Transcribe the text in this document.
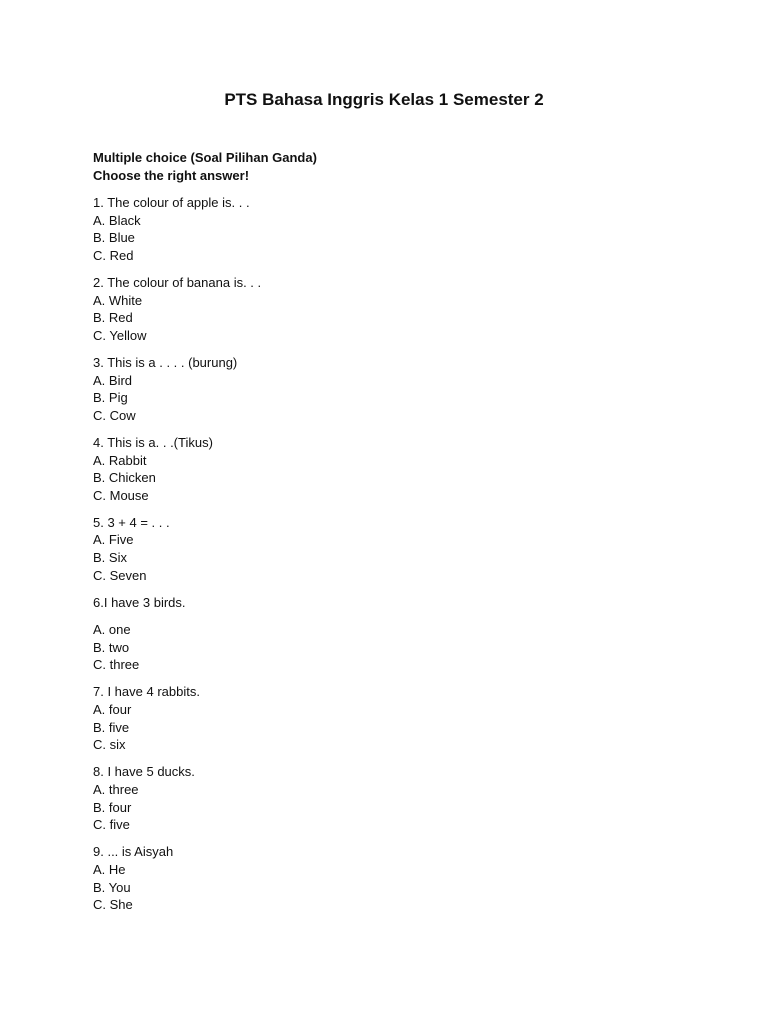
PTS Bahasa Inggris Kelas 1 Semester 2
Multiple choice (Soal Pilihan Ganda)
Choose the right answer!
1. The colour of apple is. . .
A. Black
B. Blue
C. Red
2. The colour of banana is. . .
A. White
B. Red
C. Yellow
3. This is a . . . . (burung)
A. Bird
B. Pig
C. Cow
4. This is a. . .(Tikus)
A. Rabbit
B. Chicken
C. Mouse
5. 3 + 4 = . . .
A. Five
B. Six
C. Seven
6.I have 3 birds.
A. one
B. two
C. three
7. I have 4 rabbits.
A. four
B. five
C. six
8. I have 5 ducks.
A. three
B. four
C. five
9. ... is Aisyah
A. He
B. You
C. She
